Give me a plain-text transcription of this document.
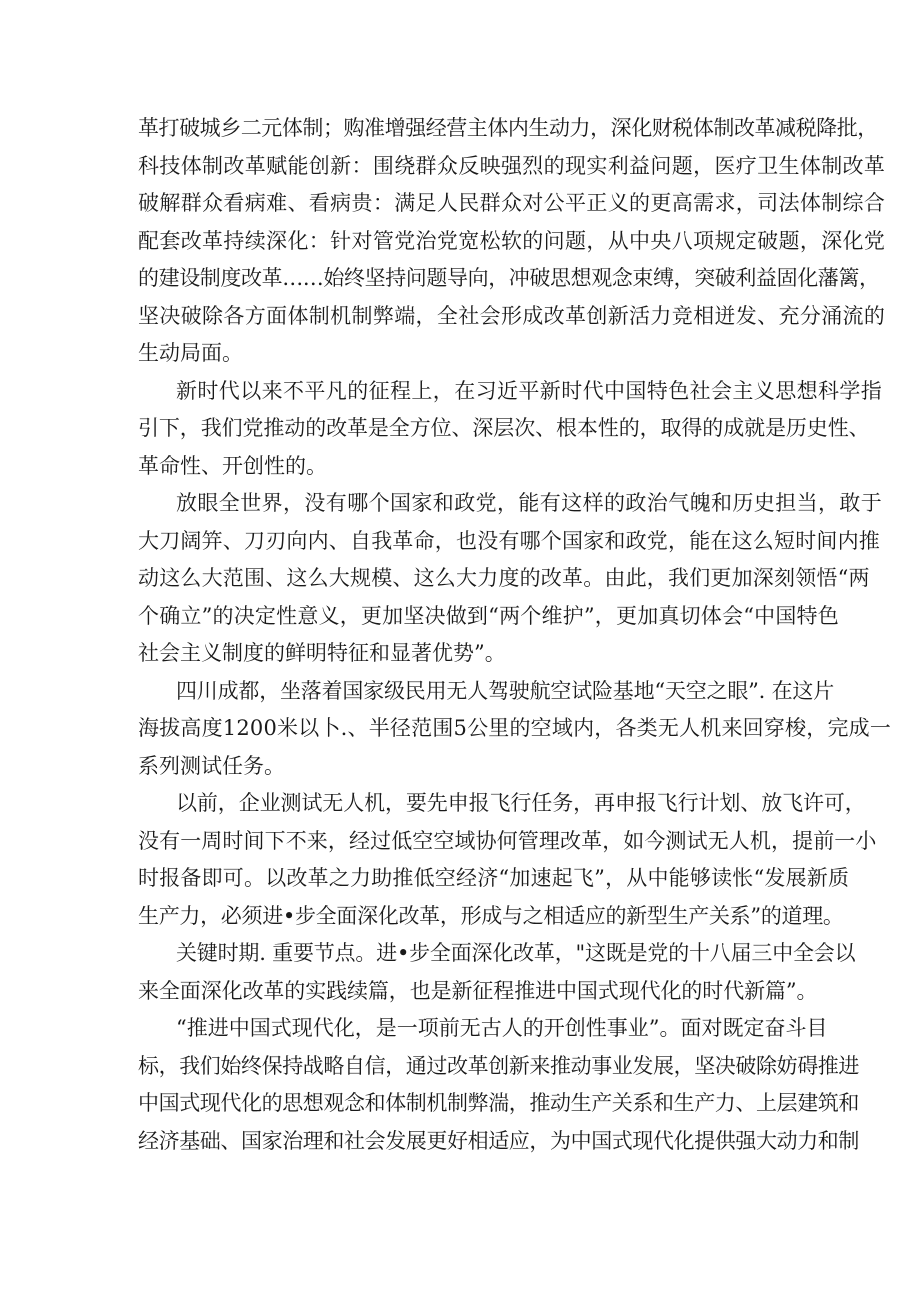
革打破城乡二元体制；购准增强经营主体内生动力，深化财税体制改革减税降批，
科技体制改革赋能创新：围绕群众反映强烈的现实利益问题，医疗卫生体制改革
破解群众看病难、看病贵：满足人民群众对公平正义的更高需求，司法体制综合
配套改革持续深化：针对管党治党宽松软的问题，从中央八项规定破题，深化党
的建设制度改革……始终坚持问题导向，冲破思想观念束缚，突破利益固化藩篱，
坚决破除各方面体制机制弊端，全社会形成改革创新活力竞相迸发、充分涌流的
生动局面。
新时代以来不平凡的征程上，在习近平新时代中国特色社会主义思想科学指
引下，我们党推动的改革是全方位、深层次、根本性的，取得的成就是历史性、
革命性、开创性的。
放眼全世界，没有哪个国家和政党，能有这样的政治气魄和历史担当，敢于
大刀阔笄、刀刃向内、自我革命，也没有哪个国家和政党，能在这么短时间内推
动这么大范围、这么大规模、这么大力度的改革。由此，我们更加深刻领悟“两
个确立”的决定性意义，更加坚决做到“两个维护”，更加真切体会“中国特色
社会主义制度的鲜明特征和显著优势”。
四川成都，坐落着国家级民用无人驾驶航空试险基地“天空之眼”. 在这片
海拔高度1200米以卜.、半径范围5公里的空域内，各类无人机来回穿梭，完成一
系列测试任务。
以前，企业测试无人机，要先申报飞行任务，再申报飞行计划、放飞许可，
没有一周时间下不来，经过低空空域协何管理改革，如今测试无人机，提前一小
时报备即可。以改革之力助推低空经济“加速起飞”，从中能够读怅“发展新质
生产力，必须进•步全面深化改革，形成与之相适应的新型生产关系”的道理。
关键时期. 重要节点。进•步全面深化改革，"这既是党的十八届三中全会以
来全面深化改革的实践续篇，也是新征程推进中国式现代化的时代新篇”。
“推进中国式现代化，是一项前无古人的开创性事业”。面对既定奋斗目
标，我们始终保持战略自信，通过改革创新来推动事业发展，坚决破除妨碍推进
中国式现代化的思想观念和体制机制弊湍，推动生产关系和生产力、上层建筑和
经济基础、国家治理和社会发展更好相适应，为中国式现代化提供强大动力和制
